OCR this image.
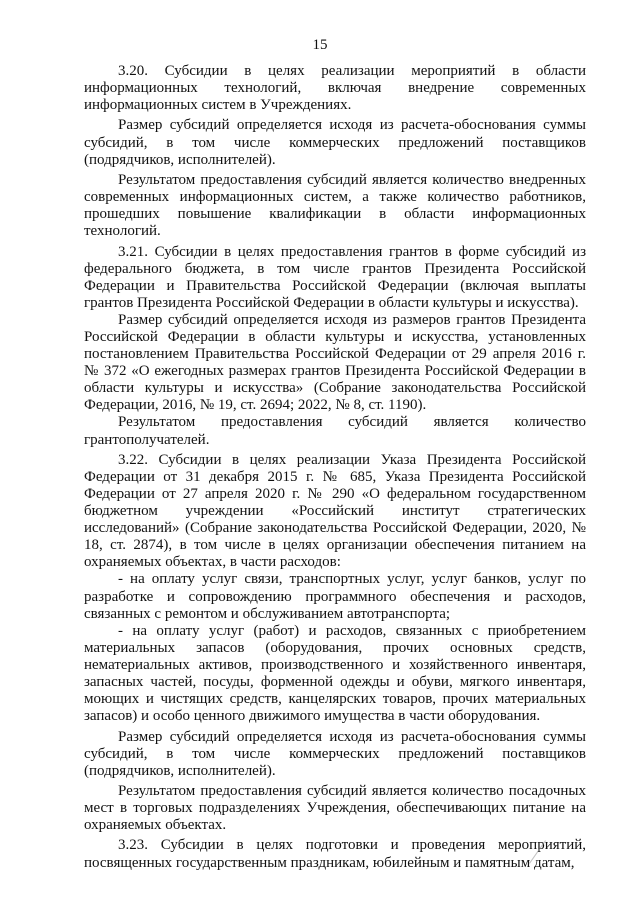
15

3.20. Субсидии в целях реализации мероприятий в области информационных технологий, включая внедрение современных информационных систем в Учреждениях.

Размер субсидий определяется исходя из расчета-обоснования суммы субсидий, в том числе коммерческих предложений поставщиков (подрядчиков, исполнителей).

Результатом предоставления субсидий является количество внедренных современных информационных систем, а также количество работников, прошедших повышение квалификации в области информационных технологий.

3.21. Субсидии в целях предоставления грантов в форме субсидий из федерального бюджета, в том числе грантов Президента Российской Федерации и Правительства Российской Федерации (включая выплаты грантов Президента Российской Федерации в области культуры и искусства).

Размер субсидий определяется исходя из размеров грантов Президента Российской Федерации в области культуры и искусства, установленных постановлением Правительства Российской Федерации от 29 апреля 2016 г. № 372 «О ежегодных размерах грантов Президента Российской Федерации в области культуры и искусства» (Собрание законодательства Российской Федерации, 2016, № 19, ст. 2694; 2022, № 8, ст. 1190).

Результатом предоставления субсидий является количество грантополучателей.

3.22. Субсидии в целях реализации Указа Президента Российской Федерации от 31 декабря 2015 г. № 685, Указа Президента Российской Федерации от 27 апреля 2020 г. № 290 «О федеральном государственном бюджетном учреждении «Российский институт стратегических исследований» (Собрание законодательства Российской Федерации, 2020, № 18, ст. 2874), в том числе в целях организации обеспечения питанием на охраняемых объектах, в части расходов:

- на оплату услуг связи, транспортных услуг, услуг банков, услуг по разработке и сопровождению программного обеспечения и расходов, связанных с ремонтом и обслуживанием автотранспорта;

- на оплату услуг (работ) и расходов, связанных с приобретением материальных запасов (оборудования, прочих основных средств, нематериальных активов, производственного и хозяйственного инвентаря, запасных частей, посуды, форменной одежды и обуви, мягкого инвентаря, моющих и чистящих средств, канцелярских товаров, прочих материальных запасов) и особо ценного движимого имущества в части оборудования.

Размер субсидий определяется исходя из расчета-обоснования суммы субсидий, в том числе коммерческих предложений поставщиков (подрядчиков, исполнителей).

Результатом предоставления субсидий является количество посадочных мест в торговых подразделениях Учреждения, обеспечивающих питание на охраняемых объектах.

3.23. Субсидии в целях подготовки и проведения мероприятий, посвященных государственным праздникам, юбилейным и памятным датам,
